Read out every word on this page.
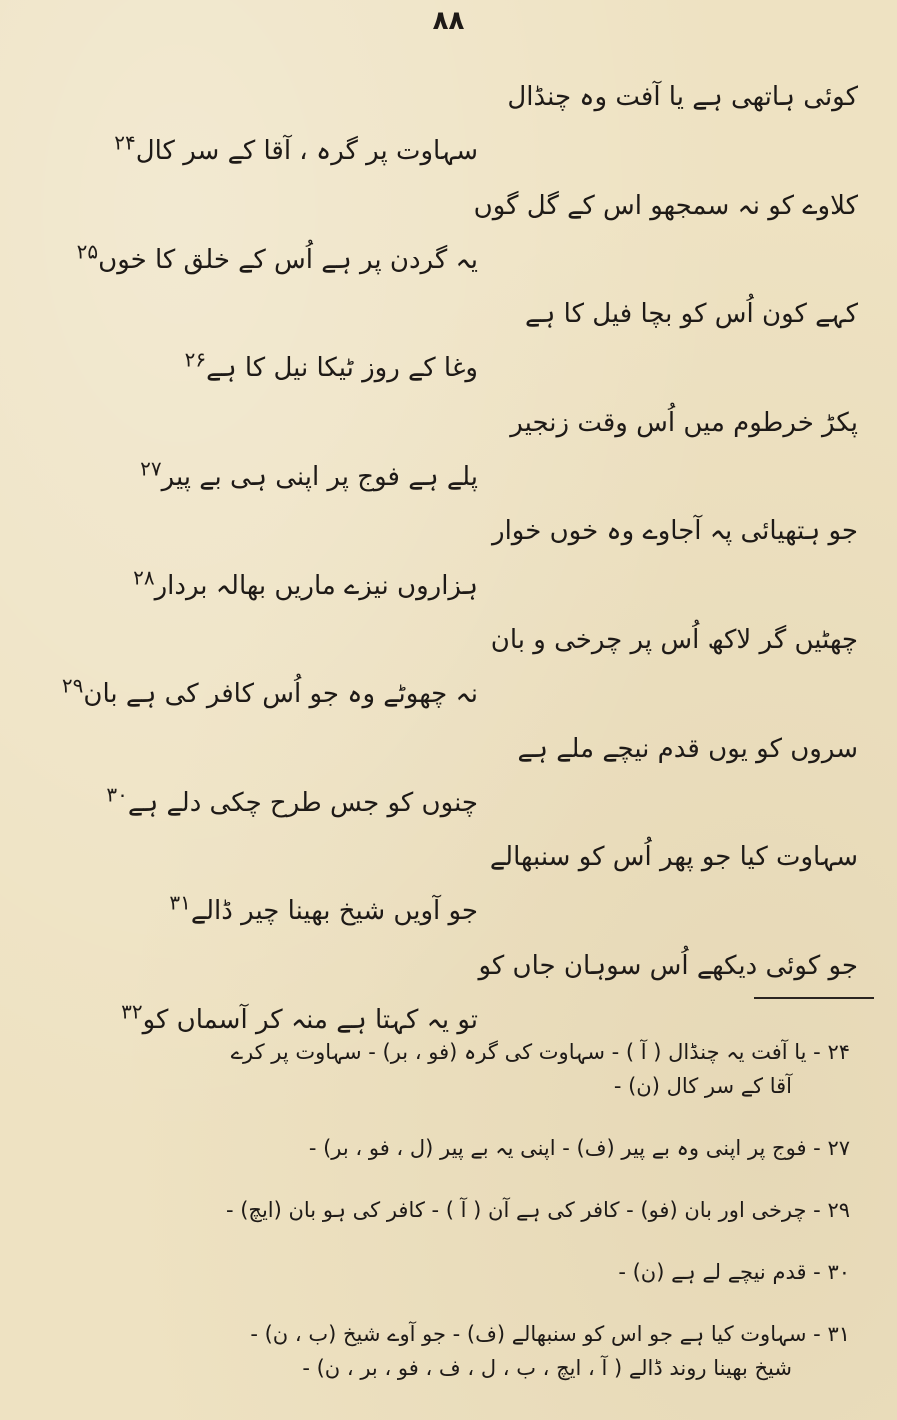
۸۸
کوئی ہاتھی ہے یا آفت وہ چنڈال
سہاوت پر گرہ ، آقا کے سر کال$^{۲۴}$
کلاوے کو نہ سمجھو اس کے گل گوں
یہ گردن پر ہے اُس کے خلق کا خوں$^{۲۵}$
کہے کون اُس کو بچا فیل کا ہے
وغا کے روز ٹیکا نیل کا ہے$^{۲۶}$
پکڑ خرطوم میں اُس وقت زنجیر
پلے ہے فوج پر اپنی ہی بے پیر$^{۲۷}$
جو ہتھیائی پہ آجاوے وہ خوں خوار
ہزاروں نیزے ماریں بھالہ بردار$^{۲۸}$
چھٹیں گر لاکھ اُس پر چرخی و بان
نہ چھوٹے وہ جو اُس کافر کی ہے بان$^{۲۹}$
سروں کو یوں قدم نیچے ملے ہے
چنوں کو جس طرح چکی دلے ہے$^{۳۰}$
سہاوت کیا جو پھر اُس کو سنبھالے
جو آویں شیخ بھینا چیر ڈالے$^{۳۱}$
جو کوئی دیکھے اُس سوہان جاں کو
تو یہ کہتا ہے منہ کر آسماں کو$^{۳۲}$
۲۴ - یا آفت یہ چنڈال ( آ ) - سہاوت کی گرہ (فو ، بر) - سہاوت پر کرے
آقا کے سر کال (ن) -
۲۷ - فوج پر اپنی وہ بے پیر (ف) - اپنی یہ بے پیر (ل ، فو ، بر) -
۲۹ - چرخی اور بان (فو) - کافر کی ہے آن ( آ ) - کافر کی ہو بان (ایچ) -
۳۰ - قدم نیچے لے ہے (ن) -
۳۱ - سہاوت کیا ہے جو اس کو سنبھالے (ف) - جو آوے شیخ (ب ، ن) -
شیخ بھینا روند ڈالے ( آ ، ایچ ، ب ، ل ، ف ، فو ، بر ، ن) -
